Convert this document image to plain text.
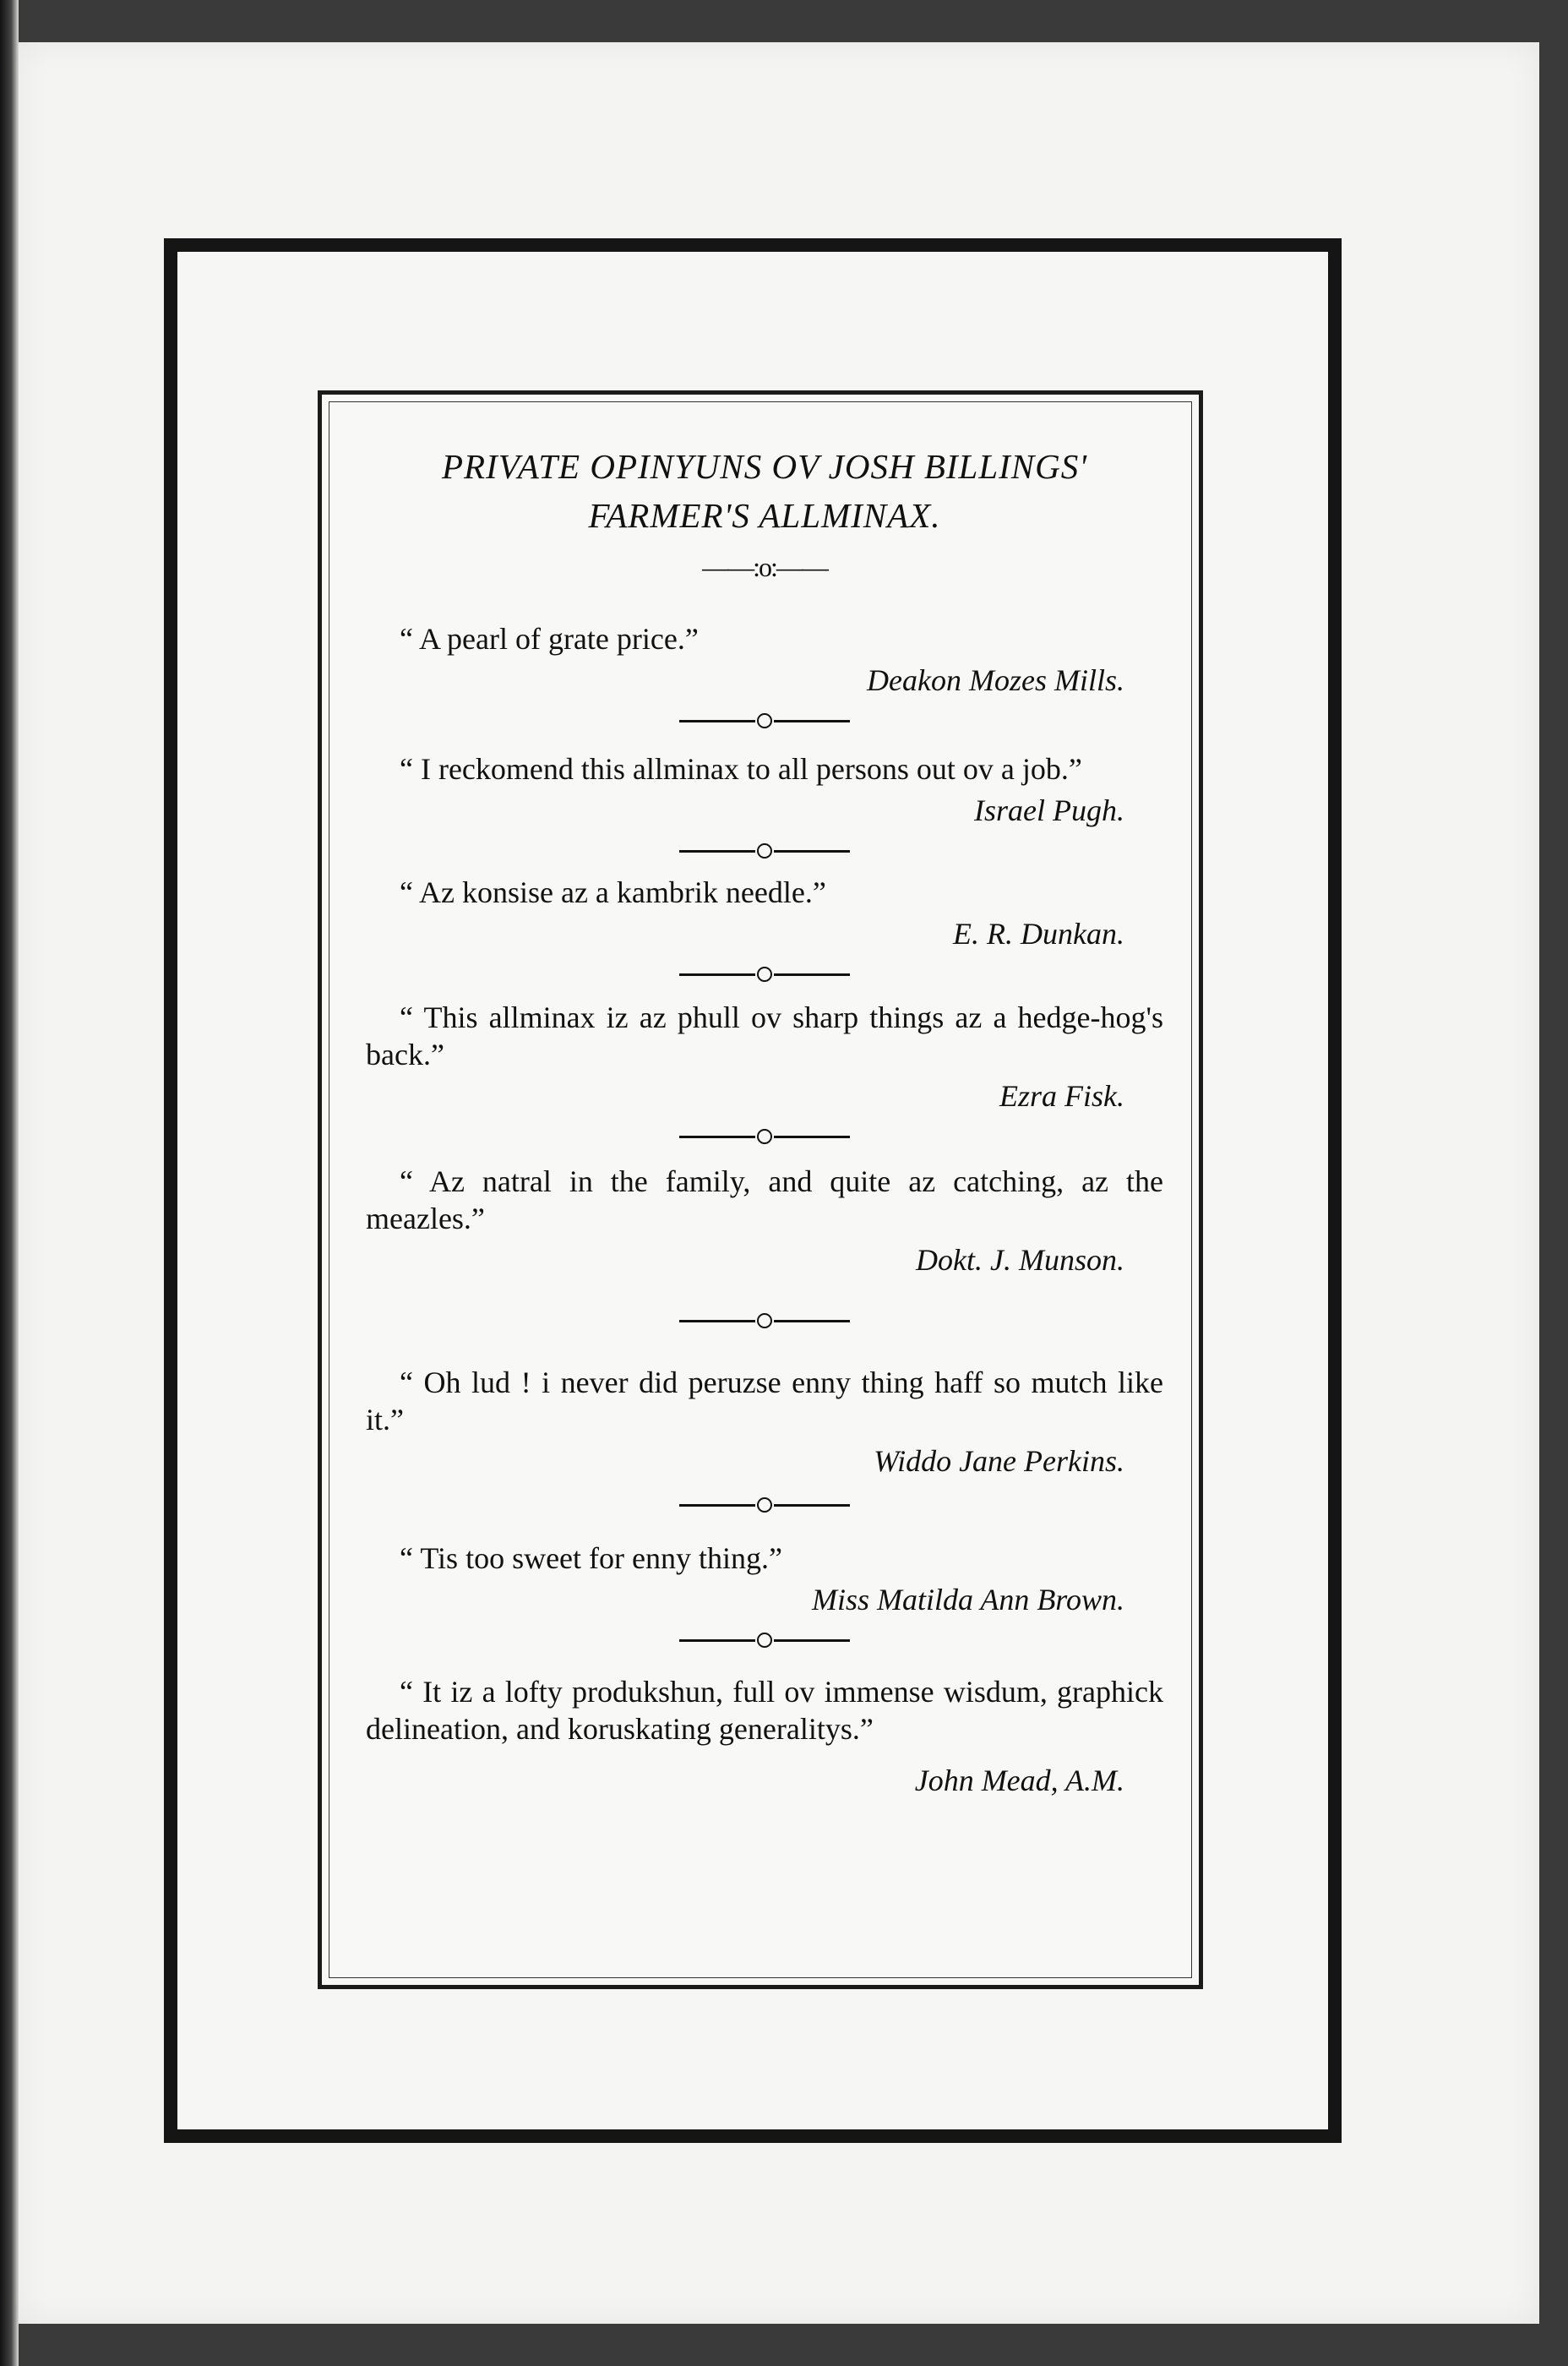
PRIVATE OPINYUNS OV JOSH BILLINGS'

FARMER'S ALLMINAX.

——:o:——

“ A pearl of grate price.”

Deakon Mozes Mills.

“ I reckomend this allminax to all persons out ov a job.”

Israel Pugh.

“ Az konsise az a kambrik needle.”

E. R. Dunkan.

“ This allminax iz az phull ov sharp things az a hedge-hog's back.”

Ezra Fisk.

“ Az natral in the family, and quite az catching, az the meazles.”

Dokt. J. Munson.

“ Oh lud ! i never did peruzse enny thing haff so mutch like it.”

Widdo Jane Perkins.

“ Tis too sweet for enny thing.”

Miss Matilda Ann Brown.

“ It iz a lofty produkshun, full ov immense wisdum, graphick delineation, and koruskating generalitys.”

John Mead, A.M.
